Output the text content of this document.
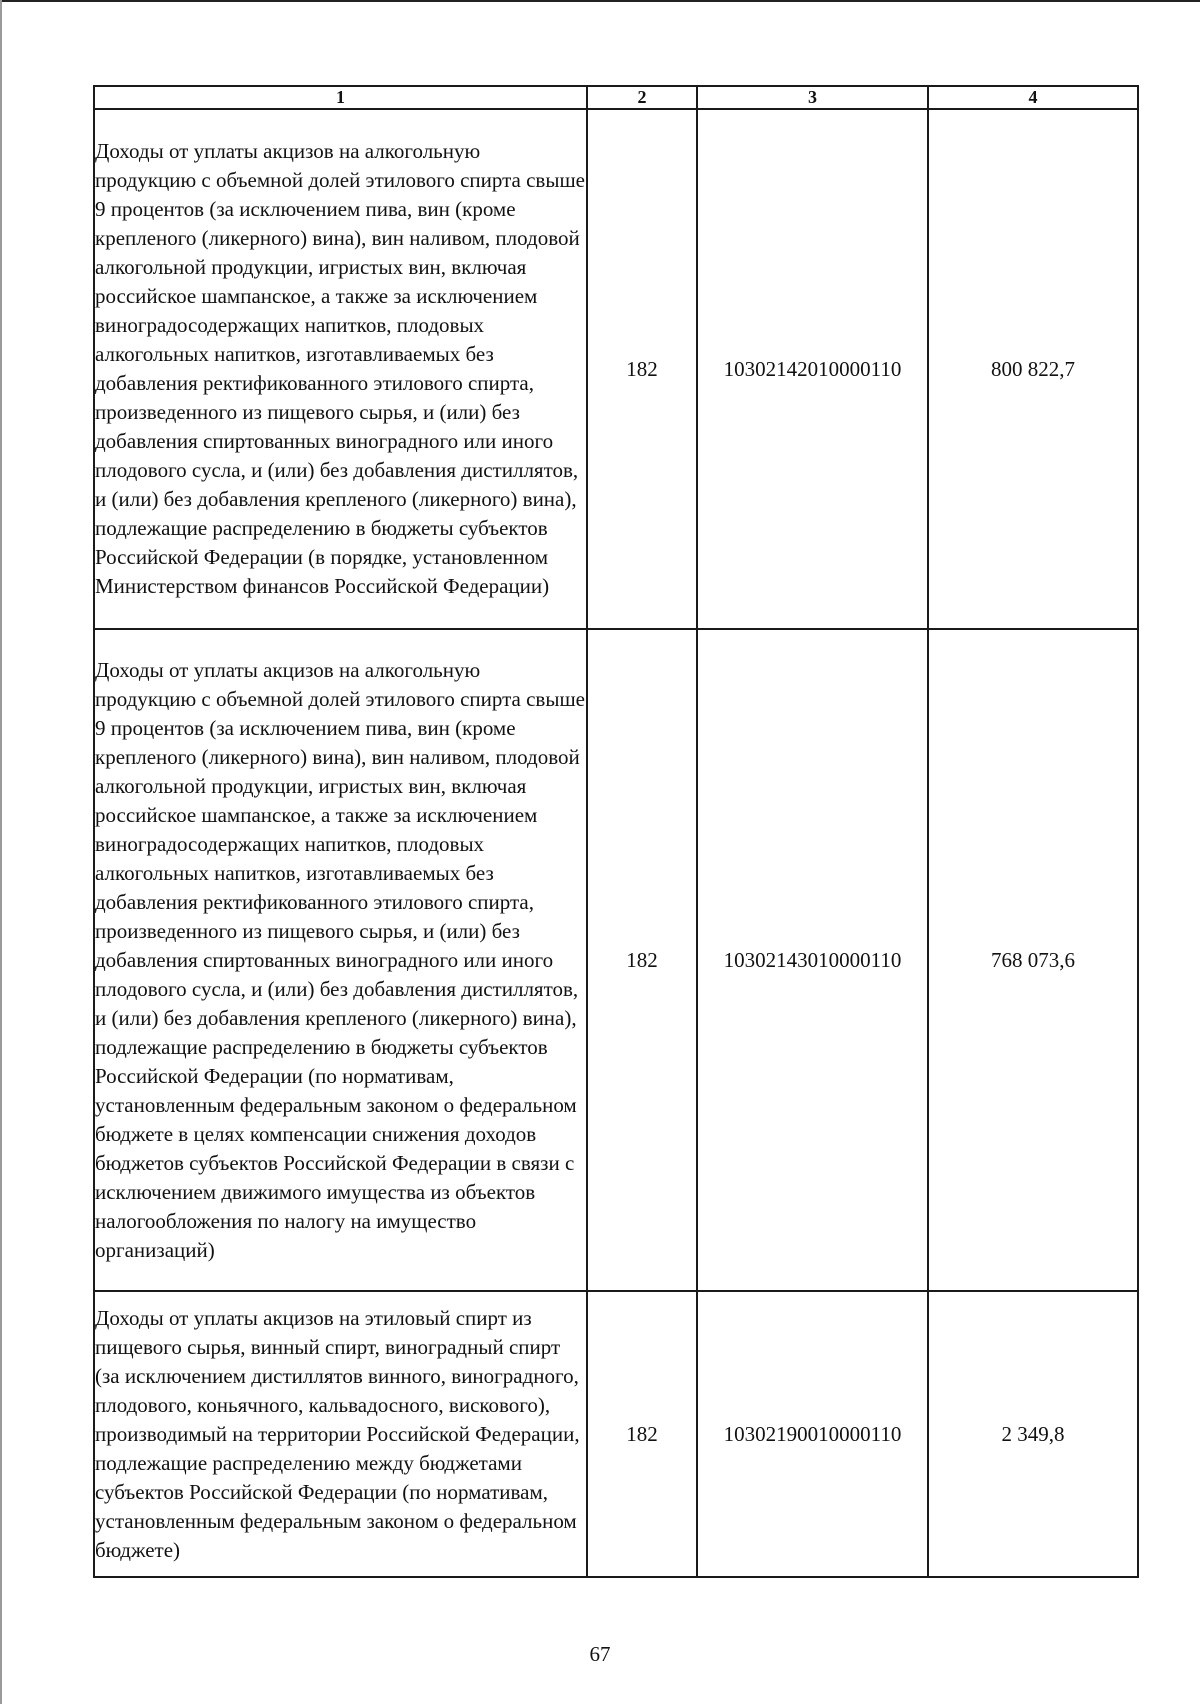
1	2	3	4
Доходы от уплаты акцизов на алкогольную продукцию с объемной долей этилового спирта свыше 9 процентов (за исключением пива, вин (кроме крепленого (ликерного) вина), вин наливом, плодовой алкогольной продукции, игристых вин, включая российское шампанское, а также за исключением виноградосодержащих напитков, плодовых алкогольных напитков, изготавливаемых без добавления ректификованного этилового спирта, произведенного из пищевого сырья, и (или) без добавления спиртованных виноградного или иного плодового сусла, и (или) без добавления дистиллятов, и (или) без добавления крепленого (ликерного) вина), подлежащие распределению в бюджеты субъектов Российской Федерации (в порядке, установленном Министерством финансов Российской Федерации)	182	10302142010000110	800 822,7
Доходы от уплаты акцизов на алкогольную продукцию с объемной долей этилового спирта свыше 9 процентов (за исключением пива, вин (кроме крепленого (ликерного) вина), вин наливом, плодовой алкогольной продукции, игристых вин, включая российское шампанское, а также за исключением виноградосодержащих напитков, плодовых алкогольных напитков, изготавливаемых без добавления ректификованного этилового спирта, произведенного из пищевого сырья, и (или) без добавления спиртованных виноградного или иного плодового сусла, и (или) без добавления дистиллятов, и (или) без добавления крепленого (ликерного) вина), подлежащие распределению в бюджеты субъектов Российской Федерации (по нормативам, установленным федеральным законом о федеральном бюджете в целях компенсации снижения доходов бюджетов субъектов Российской Федерации в связи с исключением движимого имущества из объектов налогообложения по налогу на имущество организаций)	182	10302143010000110	768 073,6
Доходы от уплаты акцизов на этиловый спирт из пищевого сырья, винный спирт, виноградный спирт (за исключением дистиллятов винного, виноградного, плодового, коньячного, кальвадосного, вискового), производимый на территории Российской Федерации, подлежащие распределению между бюджетами субъектов Российской Федерации (по нормативам, установленным федеральным законом о федеральном бюджете)	182	10302190010000110	2 349,8
67
